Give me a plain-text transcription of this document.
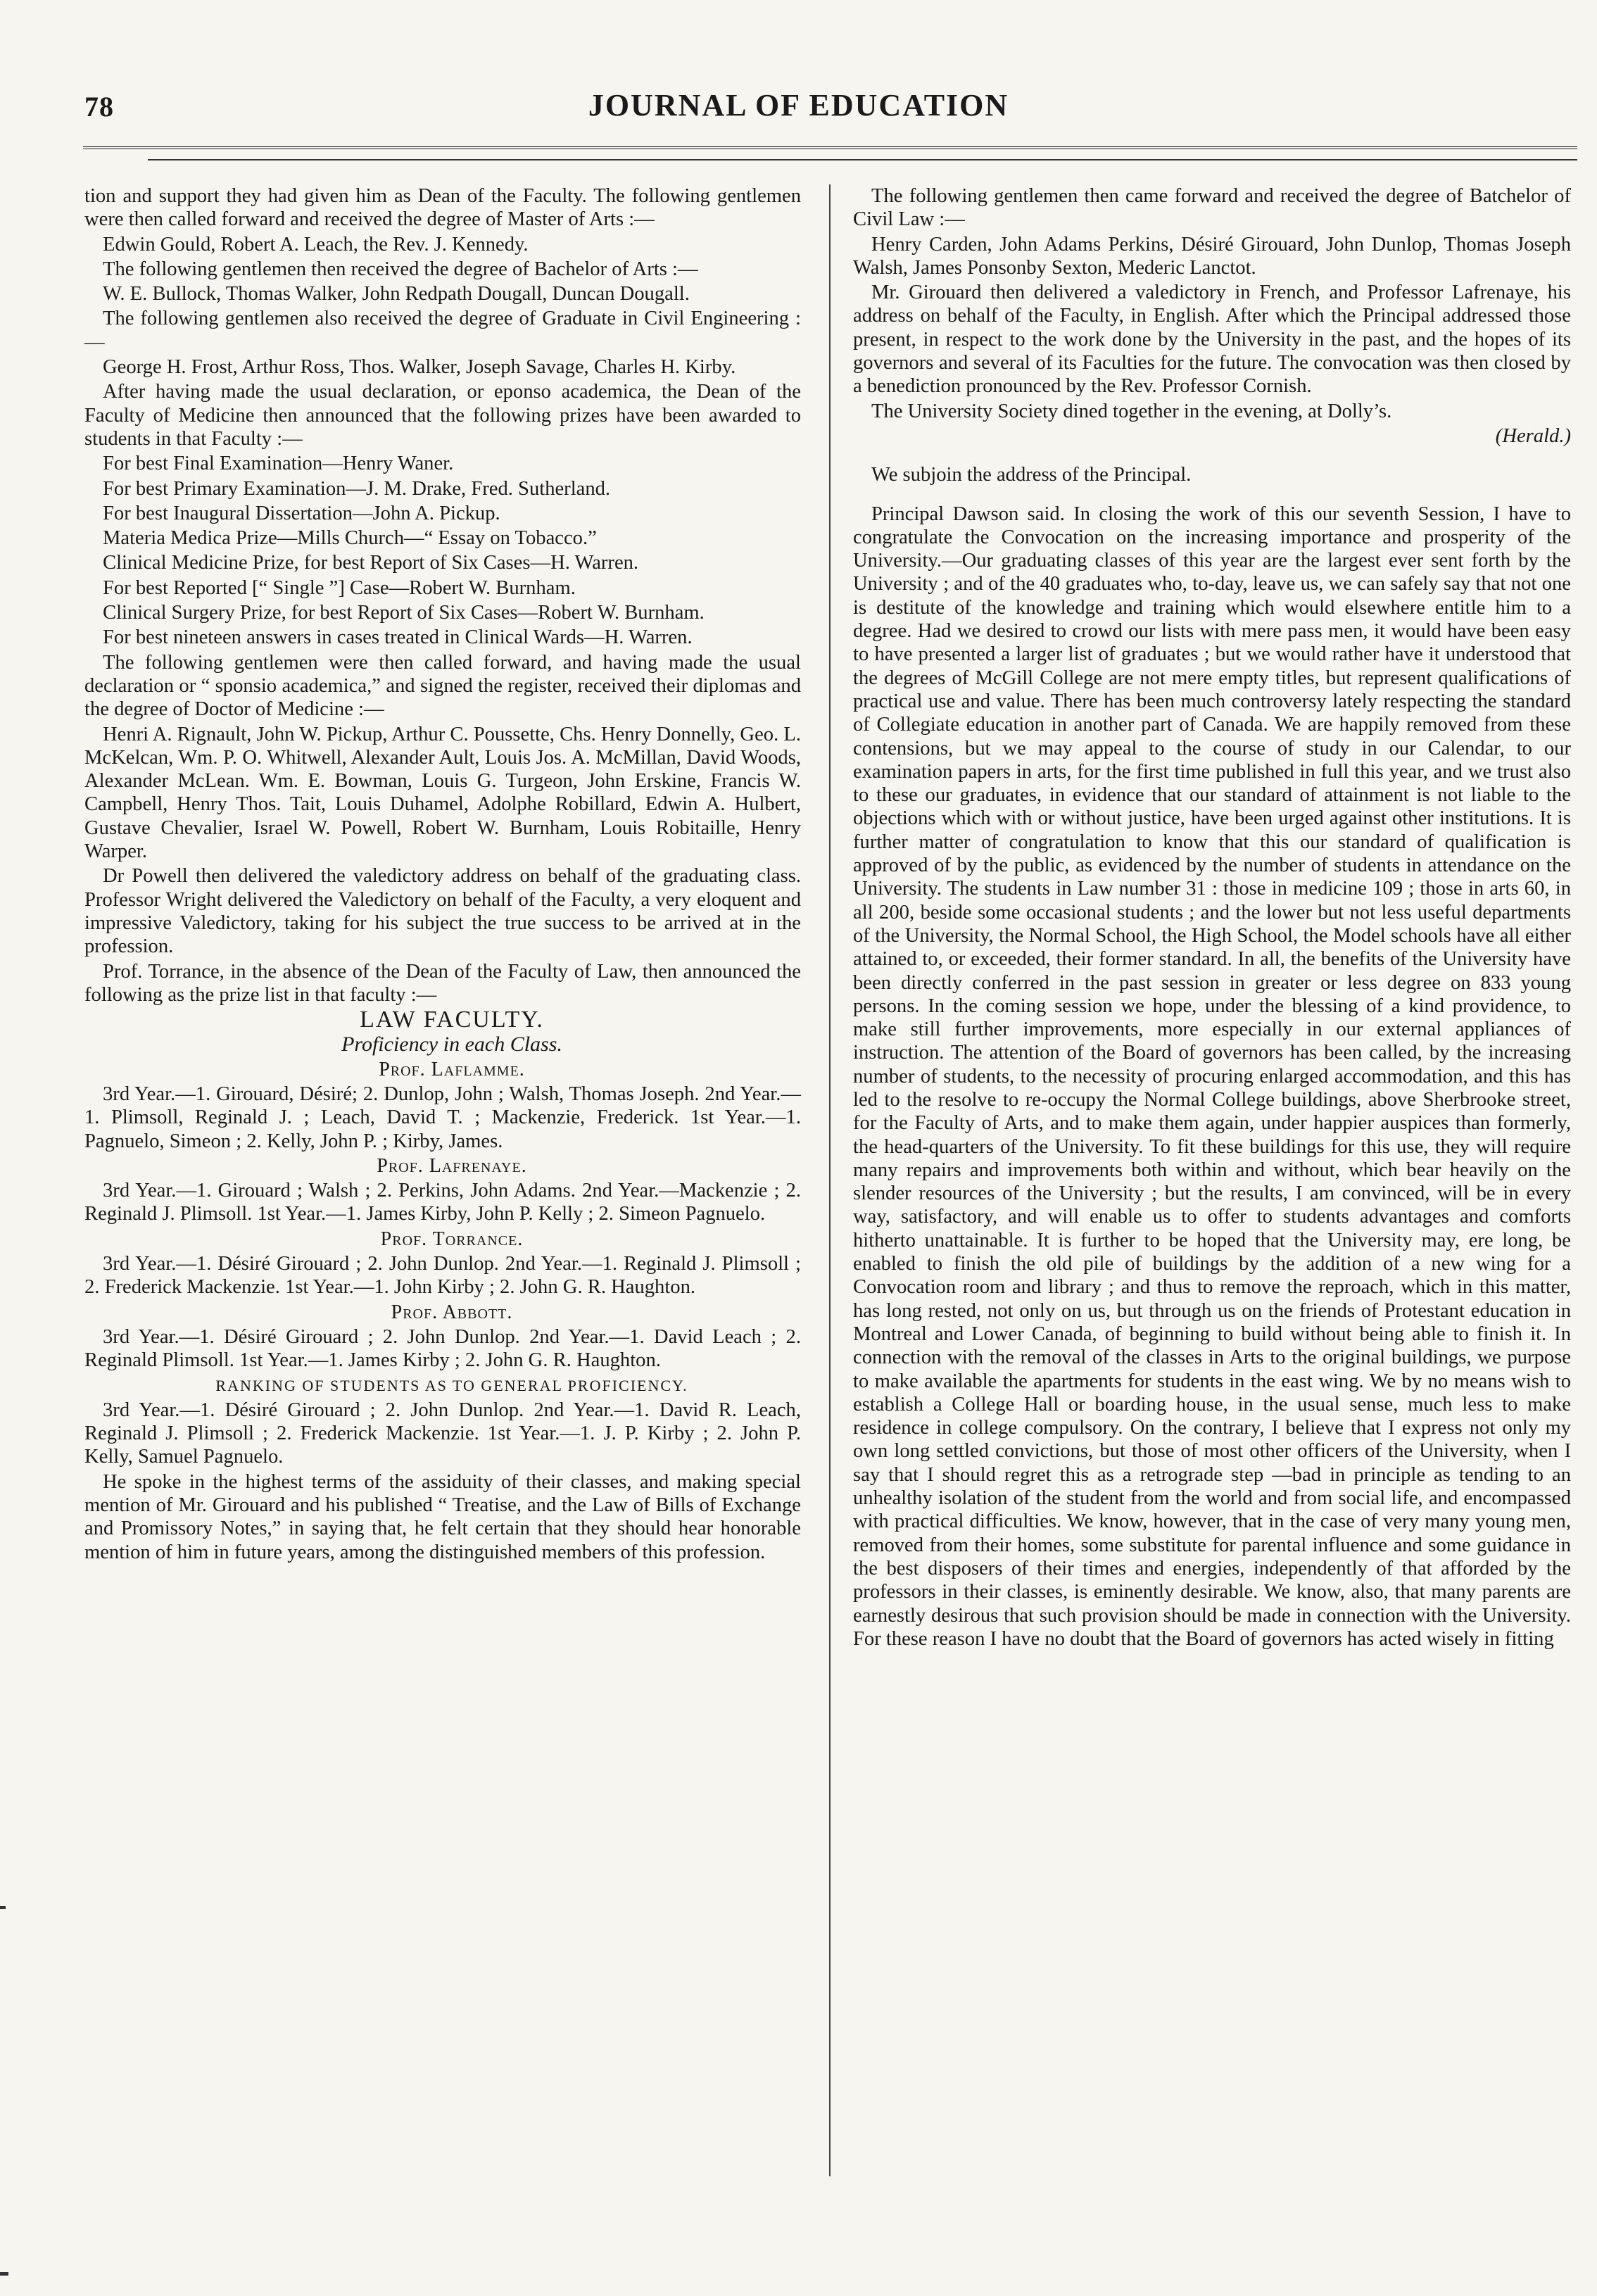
78	JOURNAL OF EDUCATION

tion and support they had given him as Dean of the Faculty. The following gentlemen were then called forward and received the degree of Master of Arts :—

Edwin Gould, Robert A. Leach, the Rev. J. Kennedy.

The following gentlemen then received the degree of Bachelor of Arts :—

W. E. Bullock, Thomas Walker, John Redpath Dougall, Duncan Dougall.

The following gentlemen also received the degree of Graduate in Civil Engineering :—

George H. Frost, Arthur Ross, Thos. Walker, Joseph Savage, Charles H. Kirby.

After having made the usual declaration, or eponso academica, the Dean of the Faculty of Medicine then announced that the following prizes have been awarded to students in that Faculty :—

For best Final Examination—Henry Waner.

For best Primary Examination—J. M. Drake, Fred. Sutherland.

For best Inaugural Dissertation—John A. Pickup.

Materia Medica Prize—Mills Church—“ Essay on Tobacco.”

Clinical Medicine Prize, for best Report of Six Cases—H. Warren.

For best Reported [“ Single ”] Case—Robert W. Burnham.

Clinical Surgery Prize, for best Report of Six Cases—Robert W. Burnham.

For best nineteen answers in cases treated in Clinical Wards—H. Warren.

The following gentlemen were then called forward, and having made the usual declaration or “ sponsio academica,” and signed the register, received their diplomas and the degree of Doctor of Medicine :—

Henri A. Rignault, John W. Pickup, Arthur C. Poussette, Chs. Henry Donnelly, Geo. L. McKelcan, Wm. P. O. Whitwell, Alexander Ault, Louis Jos. A. McMillan, David Woods, Alexander McLean. Wm. E. Bowman, Louis G. Turgeon, John Erskine, Francis W. Campbell, Henry Thos. Tait, Louis Duhamel, Adolphe Robillard, Edwin A. Hulbert, Gustave Chevalier, Israel W. Powell, Robert W. Burnham, Louis Robitaille, Henry Warper.

Dr Powell then delivered the valedictory address on behalf of the graduating class. Professor Wright delivered the Valedictory on behalf of the Faculty, a very eloquent and impressive Valedictory, taking for his subject the true success to be arrived at in the profession.

Prof. Torrance, in the absence of the Dean of the Faculty of Law, then announced the following as the prize list in that faculty :—

LAW FACULTY.

Proficiency in each Class.

Prof. Laflamme.

3rd Year.—1. Girouard, Désiré; 2. Dunlop, John ; Walsh, Thomas Joseph. 2nd Year.—1. Plimsoll, Reginald J. ; Leach, David T. ; Mackenzie, Frederick. 1st Year.—1. Pagnuelo, Simeon ; 2. Kelly, John P. ; Kirby, James.

Prof. Lafrenaye.

3rd Year.—1. Girouard ; Walsh ; 2. Perkins, John Adams. 2nd Year.—Mackenzie ; 2. Reginald J. Plimsoll. 1st Year.—1. James Kirby, John P. Kelly ; 2. Simeon Pagnuelo.

Prof. Torrance.

3rd Year.—1. Désiré Girouard ; 2. John Dunlop. 2nd Year.—1. Reginald J. Plimsoll ; 2. Frederick Mackenzie. 1st Year.—1. John Kirby ; 2. John G. R. Haughton.

Prof. Abbott.

3rd Year.—1. Désiré Girouard ; 2. John Dunlop. 2nd Year.—1. David Leach ; 2. Reginald Plimsoll. 1st Year.—1. James Kirby ; 2. John G. R. Haughton.

RANKING OF STUDENTS AS TO GENERAL PROFICIENCY.

3rd Year.—1. Désiré Girouard ; 2. John Dunlop. 2nd Year.—1. David R. Leach, Reginald J. Plimsoll ; 2. Frederick Mackenzie. 1st Year.—1. J. P. Kirby ; 2. John P. Kelly, Samuel Pagnuelo.

He spoke in the highest terms of the assiduity of their classes, and making special mention of Mr. Girouard and his published “ Treatise, and the Law of Bills of Exchange and Promissory Notes,” in saying that, he felt certain that they should hear honorable mention of him in future years, among the distinguished members of this profession.

The following gentlemen then came forward and received the degree of Batchelor of Civil Law :—

Henry Carden, John Adams Perkins, Désiré Girouard, John Dunlop, Thomas Joseph Walsh, James Ponsonby Sexton, Mederic Lanctot.

Mr. Girouard then delivered a valedictory in French, and Professor Lafrenaye, his address on behalf of the Faculty, in English. After which the Principal addressed those present, in respect to the work done by the University in the past, and the hopes of its governors and several of its Faculties for the future. The convocation was then closed by a benediction pronounced by the Rev. Professor Cornish.

The University Society dined together in the evening, at Dolly’s.

(Herald.)

We subjoin the address of the Principal.

Principal Dawson said. In closing the work of this our seventh Session, I have to congratulate the Convocation on the increasing importance and prosperity of the University.—Our graduating classes of this year are the largest ever sent forth by the University ; and of the 40 graduates who, to-day, leave us, we can safely say that not one is destitute of the knowledge and training which would elsewhere entitle him to a degree. Had we desired to crowd our lists with mere pass men, it would have been easy to have presented a larger list of graduates ; but we would rather have it understood that the degrees of McGill College are not mere empty titles, but represent qualifications of practical use and value. There has been much controversy lately respecting the standard of Collegiate education in another part of Canada. We are happily removed from these contensions, but we may appeal to the course of study in our Calendar, to our examination papers in arts, for the first time published in full this year, and we trust also to these our graduates, in evidence that our standard of attainment is not liable to the objections which with or without justice, have been urged against other institutions. It is further matter of congratulation to know that this our standard of qualification is approved of by the public, as evidenced by the number of students in attendance on the University. The students in Law number 31 : those in medicine 109 ; those in arts 60, in all 200, beside some occasional students ; and the lower but not less useful departments of the University, the Normal School, the High School, the Model schools have all either attained to, or exceeded, their former standard. In all, the benefits of the University have been directly conferred in the past session in greater or less degree on 833 young persons. In the coming session we hope, under the blessing of a kind providence, to make still further improvements, more especially in our external appliances of instruction. The attention of the Board of governors has been called, by the increasing number of students, to the necessity of procuring enlarged accommodation, and this has led to the resolve to re-occupy the Normal College buildings, above Sherbrooke street, for the Faculty of Arts, and to make them again, under happier auspices than formerly, the head-quarters of the University. To fit these buildings for this use, they will require many repairs and improvements both within and without, which bear heavily on the slender resources of the University ; but the results, I am convinced, will be in every way, satisfactory, and will enable us to offer to students advantages and comforts hitherto unattainable. It is further to be hoped that the University may, ere long, be enabled to finish the old pile of buildings by the addition of a new wing for a Convocation room and library ; and thus to remove the reproach, which in this matter, has long rested, not only on us, but through us on the friends of Protestant education in Montreal and Lower Canada, of beginning to build without being able to finish it. In connection with the removal of the classes in Arts to the original buildings, we purpose to make available the apartments for students in the east wing. We by no means wish to establish a College Hall or boarding house, in the usual sense, much less to make residence in college compulsory. On the contrary, I believe that I express not only my own long settled convictions, but those of most other officers of the University, when I say that I should regret this as a retrograde step —bad in principle as tending to an unhealthy isolation of the student from the world and from social life, and encompassed with practical difficulties. We know, however, that in the case of very many young men, removed from their homes, some substitute for parental influence and some guidance in the best disposers of their times and energies, independently of that afforded by the professors in their classes, is eminently desirable. We know, also, that many parents are earnestly desirous that such provision should be made in connection with the University. For these reason I have no doubt that the Board of governors has acted wisely in fitting
